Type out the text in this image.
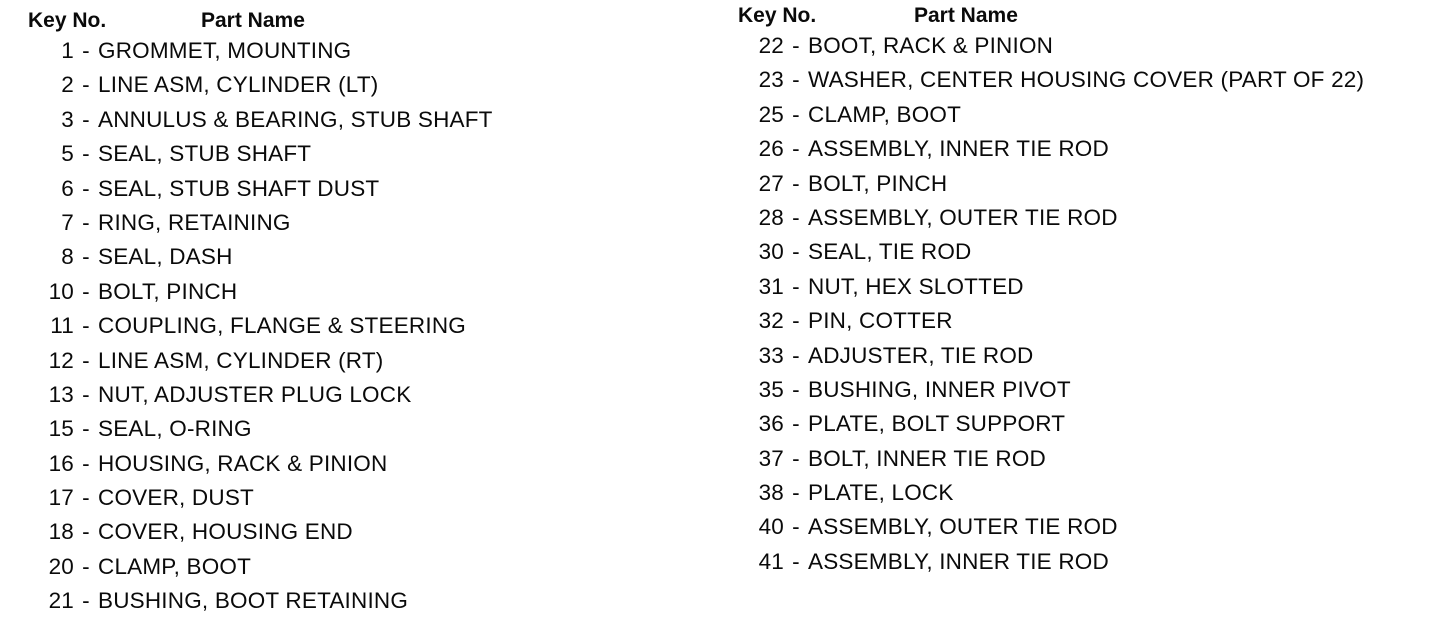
Key No.	Part Name
1 - GROMMET, MOUNTING
2 - LINE ASM, CYLINDER (LT)
3 - ANNULUS & BEARING, STUB SHAFT
5 - SEAL, STUB SHAFT
6 - SEAL, STUB SHAFT DUST
7 - RING, RETAINING
8 - SEAL, DASH
10 - BOLT, PINCH
11 - COUPLING, FLANGE & STEERING
12 - LINE ASM, CYLINDER (RT)
13 - NUT, ADJUSTER PLUG LOCK
15 - SEAL, O-RING
16 - HOUSING, RACK & PINION
17 - COVER, DUST
18 - COVER, HOUSING END
20 - CLAMP, BOOT
21 - BUSHING, BOOT RETAINING
Key No.	Part Name
22 - BOOT, RACK & PINION
23 - WASHER, CENTER HOUSING COVER (PART OF 22)
25 - CLAMP, BOOT
26 - ASSEMBLY, INNER TIE ROD
27 - BOLT, PINCH
28 - ASSEMBLY, OUTER TIE ROD
30 - SEAL, TIE ROD
31 - NUT, HEX SLOTTED
32 - PIN, COTTER
33 - ADJUSTER, TIE ROD
35 - BUSHING, INNER PIVOT
36 - PLATE, BOLT SUPPORT
37 - BOLT, INNER TIE ROD
38 - PLATE, LOCK
40 - ASSEMBLY, OUTER TIE ROD
41 - ASSEMBLY, INNER TIE ROD
